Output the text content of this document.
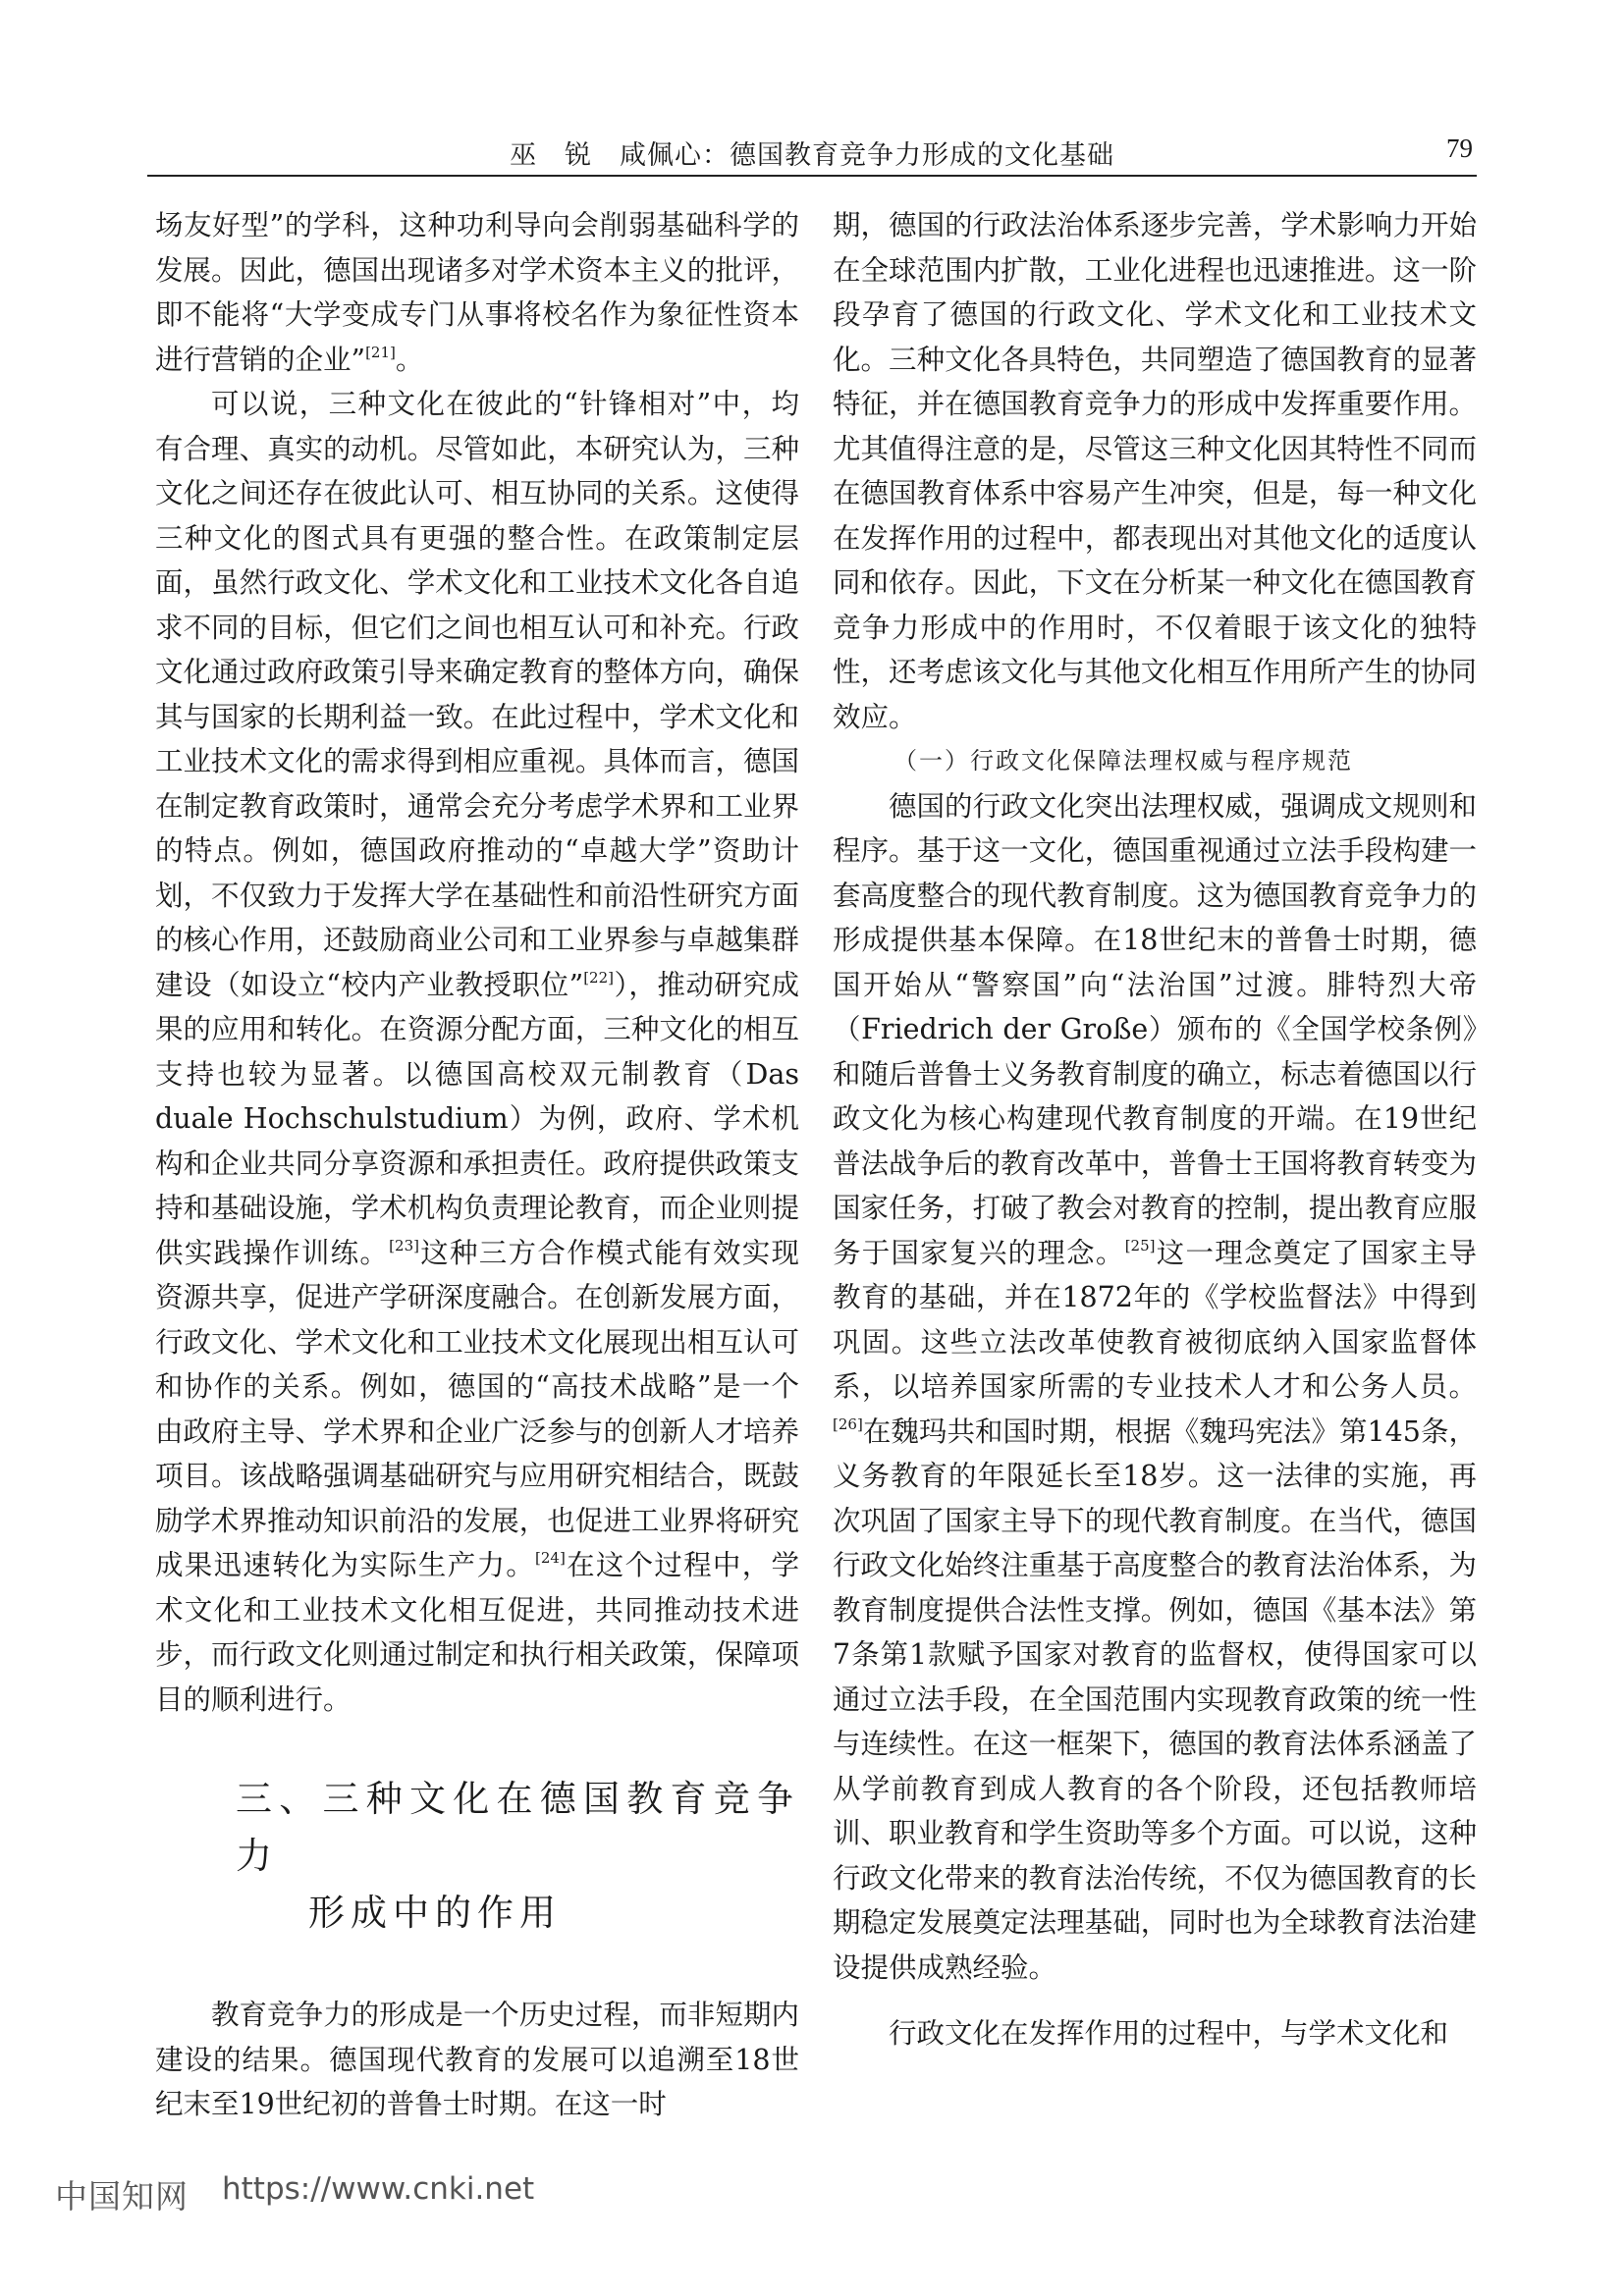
巫　锐　咸佩心：德国教育竞争力形成的文化基础	79

场友好型”的学科，这种功利导向会削弱基础科学的发展。因此，德国出现诸多对学术资本主义的批评，即不能将“大学变成专门从事将校名作为象征性资本进行营销的企业”[21]。

可以说，三种文化在彼此的“针锋相对”中，均有合理、真实的动机。尽管如此，本研究认为，三种文化之间还存在彼此认可、相互协同的关系。这使得三种文化的图式具有更强的整合性。在政策制定层面，虽然行政文化、学术文化和工业技术文化各自追求不同的目标，但它们之间也相互认可和补充。行政文化通过政府政策引导来确定教育的整体方向，确保其与国家的长期利益一致。在此过程中，学术文化和工业技术文化的需求得到相应重视。具体而言，德国在制定教育政策时，通常会充分考虑学术界和工业界的特点。例如，德国政府推动的“卓越大学”资助计划，不仅致力于发挥大学在基础性和前沿性研究方面的核心作用，还鼓励商业公司和工业界参与卓越集群建设（如设立“校内产业教授职位”[22]），推动研究成果的应用和转化。在资源分配方面，三种文化的相互支持也较为显著。以德国高校双元制教育（Das duale Hochschulstudium）为例，政府、学术机构和企业共同分享资源和承担责任。政府提供政策支持和基础设施，学术机构负责理论教育，而企业则提供实践操作训练。[23]这种三方合作模式能有效实现资源共享，促进产学研深度融合。在创新发展方面，行政文化、学术文化和工业技术文化展现出相互认可和协作的关系。例如，德国的“高技术战略”是一个由政府主导、学术界和企业广泛参与的创新人才培养项目。该战略强调基础研究与应用研究相结合，既鼓励学术界推动知识前沿的发展，也促进工业界将研究成果迅速转化为实际生产力。[24]在这个过程中，学术文化和工业技术文化相互促进，共同推动技术进步，而行政文化则通过制定和执行相关政策，保障项目的顺利进行。

三、三种文化在德国教育竞争力
形成中的作用

教育竞争力的形成是一个历史过程，而非短期内建设的结果。德国现代教育的发展可以追溯至18世纪末至19世纪初的普鲁士时期。在这一时

期，德国的行政法治体系逐步完善，学术影响力开始在全球范围内扩散，工业化进程也迅速推进。这一阶段孕育了德国的行政文化、学术文化和工业技术文化。三种文化各具特色，共同塑造了德国教育的显著特征，并在德国教育竞争力的形成中发挥重要作用。尤其值得注意的是，尽管这三种文化因其特性不同而在德国教育体系中容易产生冲突，但是，每一种文化在发挥作用的过程中，都表现出对其他文化的适度认同和依存。因此，下文在分析某一种文化在德国教育竞争力形成中的作用时，不仅着眼于该文化的独特性，还考虑该文化与其他文化相互作用所产生的协同效应。

（一）行政文化保障法理权威与程序规范

德国的行政文化突出法理权威，强调成文规则和程序。基于这一文化，德国重视通过立法手段构建一套高度整合的现代教育制度。这为德国教育竞争力的形成提供基本保障。在18世纪末的普鲁士时期，德国开始从“警察国”向“法治国”过渡。腓特烈大帝（Friedrich der Große）颁布的《全国学校条例》和随后普鲁士义务教育制度的确立，标志着德国以行政文化为核心构建现代教育制度的开端。在19世纪普法战争后的教育改革中，普鲁士王国将教育转变为国家任务，打破了教会对教育的控制，提出教育应服务于国家复兴的理念。[25]这一理念奠定了国家主导教育的基础，并在1872年的《学校监督法》中得到巩固。这些立法改革使教育被彻底纳入国家监督体系，以培养国家所需的专业技术人才和公务人员。[26]在魏玛共和国时期，根据《魏玛宪法》第145条，义务教育的年限延长至18岁。这一法律的实施，再次巩固了国家主导下的现代教育制度。在当代，德国行政文化始终注重基于高度整合的教育法治体系，为教育制度提供合法性支撑。例如，德国《基本法》第7条第1款赋予国家对教育的监督权，使得国家可以通过立法手段，在全国范围内实现教育政策的统一性与连续性。在这一框架下，德国的教育法体系涵盖了从学前教育到成人教育的各个阶段，还包括教师培训、职业教育和学生资助等多个方面。可以说，这种行政文化带来的教育法治传统，不仅为德国教育的长期稳定发展奠定法理基础，同时也为全球教育法治建设提供成熟经验。

行政文化在发挥作用的过程中，与学术文化和

中国知网 https://www.cnki.net
